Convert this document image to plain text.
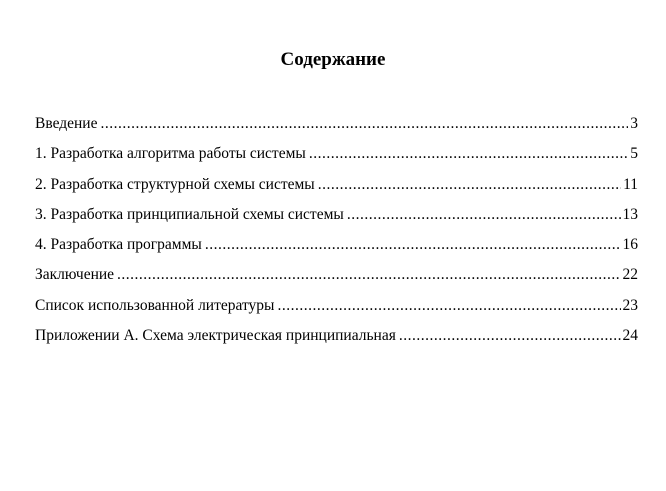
Содержание
Введение .....	3
1. Разработка алгоритма работы системы .....	5
2. Разработка структурной схемы системы .....	11
3. Разработка принципиальной схемы системы .....	13
4. Разработка программы .....	16
Заключение .....	22
Список использованной литературы .....	23
Приложении А. Схема электрическая принципиальная .....	24
